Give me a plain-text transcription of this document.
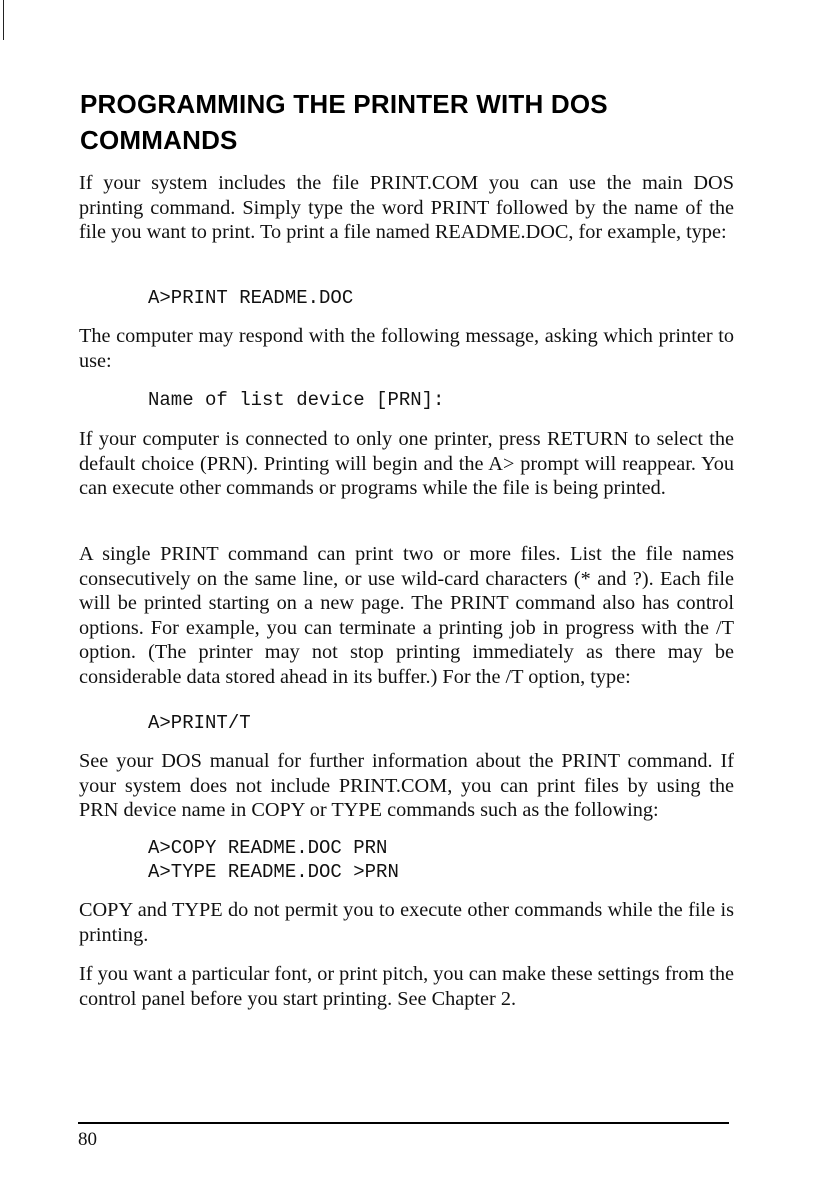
PROGRAMMING THE PRINTER WITH DOS
COMMANDS

If your system includes the file PRINT.COM you can use the main DOS printing command. Simply type the word PRINT followed by the name of the file you want to print. To print a file named README.DOC, for example, type:

A>PRINT README.DOC

The computer may respond with the following message, asking which printer to use:

Name of list device [PRN]:

If your computer is connected to only one printer, press RETURN to select the default choice (PRN). Printing will begin and the A> prompt will reappear. You can execute other commands or programs while the file is being printed.

A single PRINT command can print two or more files. List the file names consecutively on the same line, or use wild-card characters (* and ?). Each file will be printed starting on a new page. The PRINT command also has control options. For example, you can terminate a printing job in progress with the /T option. (The printer may not stop printing immediately as there may be considerable data stored ahead in its buffer.) For the /T option, type:

A>PRINT/T

See your DOS manual for further information about the PRINT command. If your system does not include PRINT.COM, you can print files by using the PRN device name in COPY or TYPE commands such as the following:

A>COPY README.DOC PRN
A>TYPE README.DOC >PRN

COPY and TYPE do not permit you to execute other commands while the file is printing.

If you want a particular font, or print pitch, you can make these settings from the control panel before you start printing. See Chapter 2.

80
